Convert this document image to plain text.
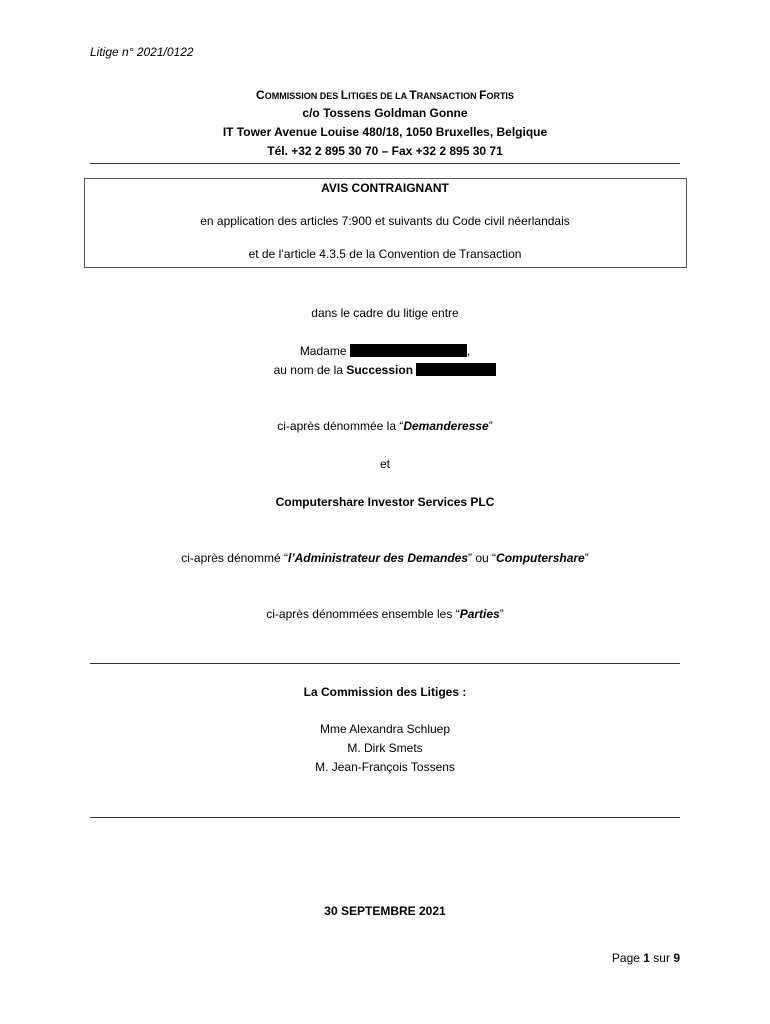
Litige n° 2021/0122
COMMISSION DES LITIGES DE LA TRANSACTION FORTIS
c/o Tossens Goldman Gonne
IT Tower Avenue Louise 480/18, 1050 Bruxelles, Belgique
Tél. +32 2 895 30 70 – Fax +32 2 895 30 71
AVIS CONTRAIGNANT
en application des articles 7:900 et suivants du Code civil néerlandais
et de l’article 4.3.5 de la Convention de Transaction
dans le cadre du litige entre
Madame	,
au nom de la Succession
ci-après dénommée la “Demanderesse”
et
Computershare Investor Services PLC
ci-après dénommé “l’Administrateur des Demandes” ou “Computershare”
ci-après dénommées ensemble les “Parties”
La Commission des Litiges :
Mme Alexandra Schluep
M. Dirk Smets
M. Jean-François Tossens
30 SEPTEMBRE 2021
Page 1 sur 9
